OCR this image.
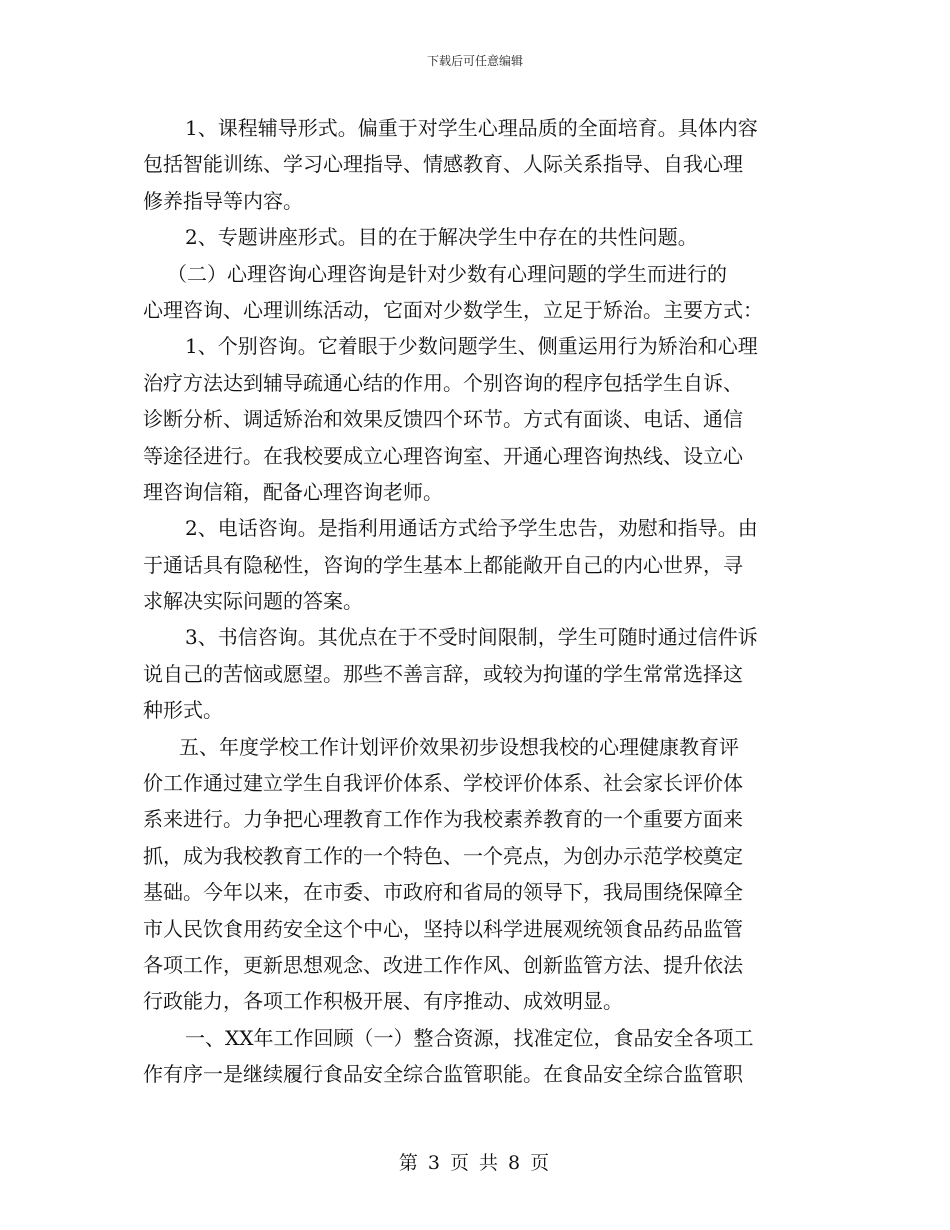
下载后可任意编辑
1、课程辅导形式。偏重于对学生心理品质的全面培育。具体内容
包括智能训练、学习心理指导、情感教育、人际关系指导、自我心理
修养指导等内容。
2、专题讲座形式。目的在于解决学生中存在的共性问题。
（二）心理咨询心理咨询是针对少数有心理问题的学生而进行的
心理咨询、心理训练活动，它面对少数学生，立足于矫治。主要方式：
1、个别咨询。它着眼于少数问题学生、侧重运用行为矫治和心理
治疗方法达到辅导疏通心结的作用。个别咨询的程序包括学生自诉、
诊断分析、调适矫治和效果反馈四个环节。方式有面谈、电话、通信
等途径进行。在我校要成立心理咨询室、开通心理咨询热线、设立心
理咨询信箱，配备心理咨询老师。
2、电话咨询。是指利用通话方式给予学生忠告，劝慰和指导。由
于通话具有隐秘性，咨询的学生基本上都能敞开自己的内心世界，寻
求解决实际问题的答案。
3、书信咨询。其优点在于不受时间限制，学生可随时通过信件诉
说自己的苦恼或愿望。那些不善言辞，或较为拘谨的学生常常选择这
种形式。
五、年度学校工作计划评价效果初步设想我校的心理健康教育评
价工作通过建立学生自我评价体系、学校评价体系、社会家长评价体
系来进行。力争把心理教育工作作为我校素养教育的一个重要方面来
抓，成为我校教育工作的一个特色、一个亮点，为创办示范学校奠定
基础。今年以来，在市委、市政府和省局的领导下，我局围绕保障全
市人民饮食用药安全这个中心，坚持以科学进展观统领食品药品监管
各项工作，更新思想观念、改进工作作风、创新监管方法、提升依法
行政能力，各项工作积极开展、有序推动、成效明显。
一、XX年工作回顾（一）整合资源，找准定位，食品安全各项工
作有序一是继续履行食品安全综合监管职能。在食品安全综合监管职
第 3 页 共 8 页
